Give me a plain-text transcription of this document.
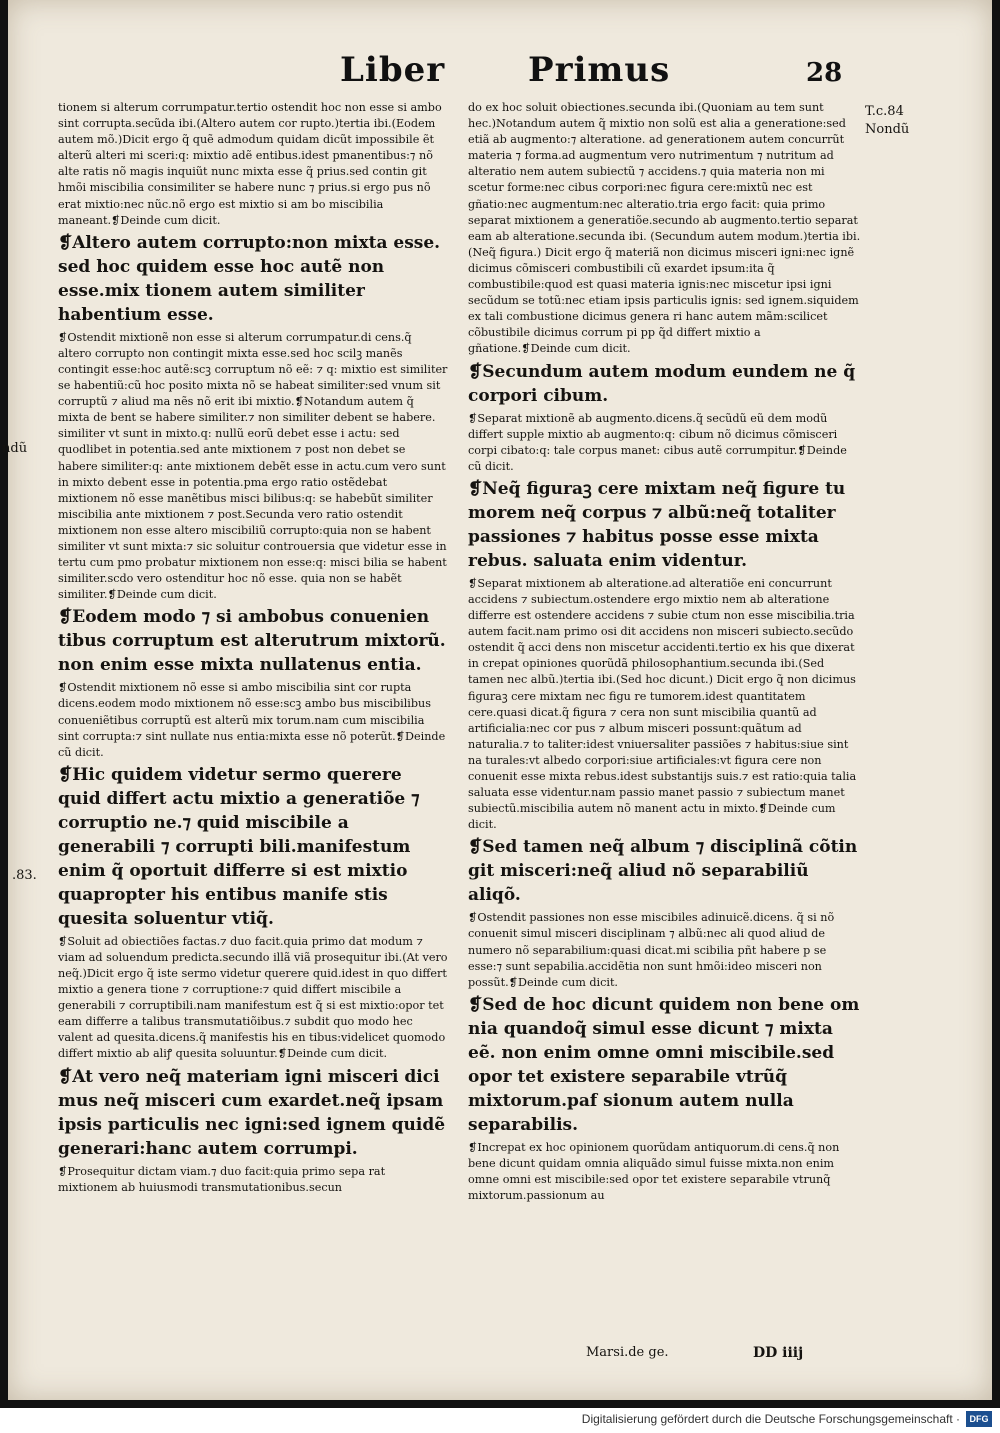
Liber Primus	28
T.c.84
Nondũ
ndũ
.83.
tionem si alterum corrumpatur.tertio ostendit hoc non esse si ambo sint corrupta.secũda ibi.(Altero autem cor rupto.)tertia ibi.(Eodem autem mõ.)Dicit ergo q̃ quẽ admodum quidam dicũt impossibile ẽt alterũ alteri mi sceri:q: mixtio adẽ entibus.idest pmanentibus:⁊ nõ alte ratis nõ magis inquiũt nunc mixta esse q̃ prius.sed contin git hmõi miscibilia consimiliter se habere nunc ⁊ prius.si ergo pus nõ erat mixtio:nec nũc.nõ ergo est mixtio si am bo miscibilia maneant.❡Deinde cum dicit.
❡Altero autem corrupto:non mixta esse. sed hoc quidem esse hoc autẽ non esse.mix tionem autem similiter habentium esse.
❡Ostendit mixtionẽ non esse si alterum corrumpatur.di cens.q̃ altero corrupto non contingit mixta esse.sed hoc scilꝫ manẽs contingit esse:hoc autẽ:scꝫ corruptum nõ eẽ: ⁊ q: mixtio est similiter se habentiũ:cũ hoc posito mixta nõ se habeat similiter:sed vnum sit corruptũ ⁊ aliud ma nẽs nõ erit ibi mixtio.❡Notandum autem q̃ mixta de bent se habere similiter.⁊ non similiter debent se habere. similiter vt sunt in mixto.q: nullũ eorũ debet esse i actu: sed quodlibet in potentia.sed ante mixtionem ⁊ post non debet se habere similiter:q: ante mixtionem debẽt esse in actu.cum vero sunt in mixto debent esse in potentia.pma ergo ratio ostẽdebat mixtionem nõ esse manẽtibus misci bilibus:q: se habebũt similiter miscibilia ante mixtionem ⁊ post.Secunda vero ratio ostendit mixtionem non esse altero miscibiliũ corrupto:quia non se habent similiter vt sunt mixta:⁊ sic soluitur controuersia que videtur esse in tertu cum pmo probatur mixtionem non esse:q: misci bilia se habent similiter.scdo vero ostenditur hoc nõ esse. quia non se habẽt similiter.❡Deinde cum dicit.
❡Eodem modo ⁊ si ambobus conuenien tibus corruptum est alterutrum mixtorũ. non enim esse mixta nullatenus entia.
❡Ostendit mixtionem nõ esse si ambo miscibilia sint cor rupta dicens.eodem modo mixtionem nõ esse:scꝫ ambo bus miscibilibus conueniẽtibus corruptũ est alterũ mix torum.nam cum miscibilia sint corrupta:⁊ sint nullate nus entia:mixta esse nõ poterũt.❡Deinde cũ dicit.
❡Hic quidem videtur sermo querere quid differt actu mixtio a generatiõe ⁊ corruptio ne.⁊ quid miscibile a generabili ⁊ corrupti bili.manifestum enim q̃ oportuit differre si est mixtio quapropter his entibus manife stis quesita soluentur vtiq̃.
❡Soluit ad obiectiões factas.⁊ duo facit.quia primo dat modum ⁊ viam ad soluendum predicta.secundo illã viã prosequitur ibi.(At vero neq̃.)Dicit ergo q̃ iste sermo videtur querere quid.idest in quo differt mixtio a genera tione ⁊ corruptione:⁊ quid differt miscibile a generabili ⁊ corruptibili.nam manifestum est q̃ si est mixtio:opor tet eam differre a talibus transmutatiõibus.⁊ subdit quo modo hec valent ad quesita.dicens.q̃ manifestis his en tibus:videlicet quomodo differt mixtio ab aliꝭ quesita soluuntur.❡Deinde cum dicit.
❡At vero neq̃ materiam igni misceri dici mus neq̃ misceri cum exardet.neq̃ ipsam ipsis particulis nec igni:sed ignem quidẽ generari:hanc autem corrumpi.
❡Prosequitur dictam viam.⁊ duo facit:quia primo sepa rat mixtionem ab huiusmodi transmutationibus.secun
do ex hoc soluit obiectiones.secunda ibi.(Quoniam au tem sunt hec.)Notandum autem q̃ mixtio non solũ est alia a generatione:sed etiã ab augmento:⁊ alteratione. ad generationem autem concurrũt materia ⁊ forma.ad augmentum vero nutrimentum ⁊ nutritum ad alteratio nem autem subiectũ ⁊ accidens.⁊ quia materia non mi scetur forme:nec cibus corpori:nec figura cere:mixtũ nec est gñatio:nec augmentum:nec alteratio.tria ergo facit: quia primo separat mixtionem a generatiõe.secundo ab augmento.tertio separat eam ab alteratione.secunda ibi. (Secundum autem modum.)tertia ibi.(Neq̃ figura.) Dicit ergo q̃ materiã non dicimus misceri igni:nec ignẽ dicimus cõmisceri combustibili cũ exardet ipsum:ita q̃ combustibile:quod est quasi materia ignis:nec miscetur ipsi igni secũdum se totũ:nec etiam ipsis particulis ignis: sed ignem.siquidem ex tali combustione dicimus genera ri hanc autem mãm:scilicet cõbustibile dicimus corrum pi pp q̃d differt mixtio a gñatione.❡Deinde cum dicit.
❡Secundum autem modum eundem ne q̃ corpori cibum.
❡Separat mixtionẽ ab augmento.dicens.q̃ secũdũ eũ dem modũ differt supple mixtio ab augmento:q: cibum nõ dicimus cõmisceri corpi cibato:q: tale corpus manet: cibus autẽ corrumpitur.❡Deinde cũ dicit.
❡Neq̃ figuraꝫ cere mixtam neq̃ figure tu morem neq̃ corpus ⁊ albũ:neq̃ totaliter passiones ⁊ habitus posse esse mixta rebus. saluata enim videntur.
❡Separat mixtionem ab alteratione.ad alteratiõe eni concurrunt accidens ⁊ subiectum.ostendere ergo mixtio nem ab alteratione differre est ostendere accidens ⁊ subie ctum non esse miscibilia.tria autem facit.nam primo osi dit accidens non misceri subiecto.secũdo ostendit q̃ acci dens non miscetur accidenti.tertio ex his que dixerat in crepat opiniones quorũdã philosophantium.secunda ibi.(Sed tamen nec albũ.)tertia ibi.(Sed hoc dicunt.) Dicit ergo q̃ non dicimus figuraꝫ cere mixtam nec figu re tumorem.idest quantitatem cere.quasi dicat.q̃ figura ⁊ cera non sunt miscibilia quantũ ad artificialia:nec cor pus ⁊ album misceri possunt:quãtum ad naturalia.⁊ to taliter:idest vniuersaliter passiões ⁊ habitus:siue sint na turales:vt albedo corpori:siue artificiales:vt figura cere non conuenit esse mixta rebus.idest substantijs suis.⁊ est ratio:quia talia saluata esse videntur.nam passio manet passio ⁊ subiectum manet subiectũ.miscibilia autem nõ manent actu in mixto.❡Deinde cum dicit.
❡Sed tamen neq̃ album ⁊ disciplinã cõtin git misceri:neq̃ aliud nõ separabiliũ aliqõ.
❡Ostendit passiones non esse miscibiles adinuicẽ.dicens. q̃ si nõ conuenit simul misceri disciplinam ⁊ albũ:nec ali quod aliud de numero nõ separabilium:quasi dicat.mi scibilia pñt habere p se esse:⁊ sunt sepabilia.accidẽtia non sunt hmõi:ideo misceri non possũt.❡Deinde cum dicit.
❡Sed de hoc dicunt quidem non bene om nia quandoq̃ simul esse dicunt ⁊ mixta eẽ. non enim omne omni miscibile.sed opor tet existere separabile vtrũq̃ mixtorum.paf sionum autem nulla separabilis.
❡Increpat ex hoc opinionem quorũdam antiquorum.di cens.q̃ non bene dicunt quidam omnia aliquãdo simul fuisse mixta.non enim omne omni est miscibile:sed opor tet existere separabile vtrunq̃ mixtorum.passionum au
Marsi.de ge.	DD iiij
Digitalisierung gefördert durch die Deutsche Forschungsgemeinschaft ·	DFG
